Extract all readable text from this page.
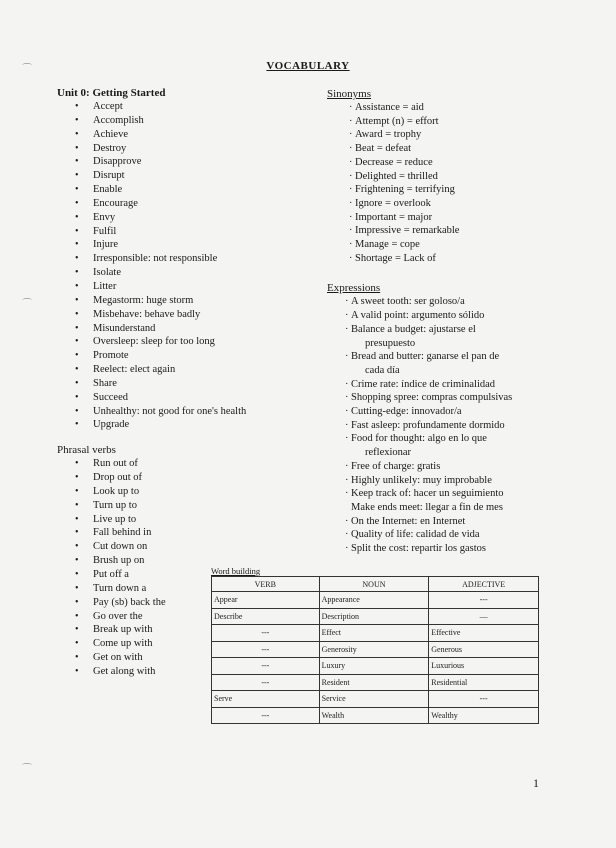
VOCABULARY
Unit 0: Getting Started
• Accept
• Accomplish
• Achieve
• Destroy
• Disapprove
• Disrupt
• Enable
• Encourage
• Envy
• Fulfil
• Injure
• Irresponsible: not responsible
• Isolate
• Litter
• Megastorm: huge storm
• Misbehave: behave badly
• Misunderstand
• Oversleep: sleep for too long
• Promote
• Reelect: elect again
• Share
• Succeed
• Unhealthy: not good for one's health
• Upgrade
Phrasal verbs
• Run out of
• Drop out of
• Look up to
• Turn up to
• Live up to
• Fall behind in
• Cut down on
• Brush up on
• Put off a
• Turn down a
• Pay (sb) back the
• Go over the
• Break up with
• Come up with
• Get on with
• Get along with
Sinonyms
· Assistance = aid
· Attempt (n) = effort
· Award = trophy
· Beat = defeat
· Decrease = reduce
· Delighted = thrilled
· Frightening = terrifying
· Ignore = overlook
· Important = major
· Impressive = remarkable
· Manage = cope
· Shortage = Lack of
Expressions
· A sweet tooth: ser goloso/a
· A valid point: argumento sólido
· Balance a budget: ajustarse el
presupuesto
· Bread and butter: ganarse el pan de
cada día
· Crime rate: índice de criminalidad
· Shopping spree: compras compulsivas
· Cutting-edge: innovador/a
· Fast asleep: profundamente dormido
· Food for thought: algo en lo que
reflexionar
· Free of charge: gratis
· Highly unlikely: muy improbable
· Keep track of: hacer un seguimiento
Make ends meet: llegar a fin de mes
· On the Internet: en Internet
· Quality of life: calidad de vida
· Split the cost: repartir los gastos
Word building
VERB	NOUN	ADJECTIVE
Appear	Appearance	---
Describe	Description	—
---	Effect	Effective
---	Generosity	Generous
---	Luxury	Luxurious
---	Resident	Residential
Serve	Service	---
---	Wealth	Wealthy
1
⌒
⌒
⌒
